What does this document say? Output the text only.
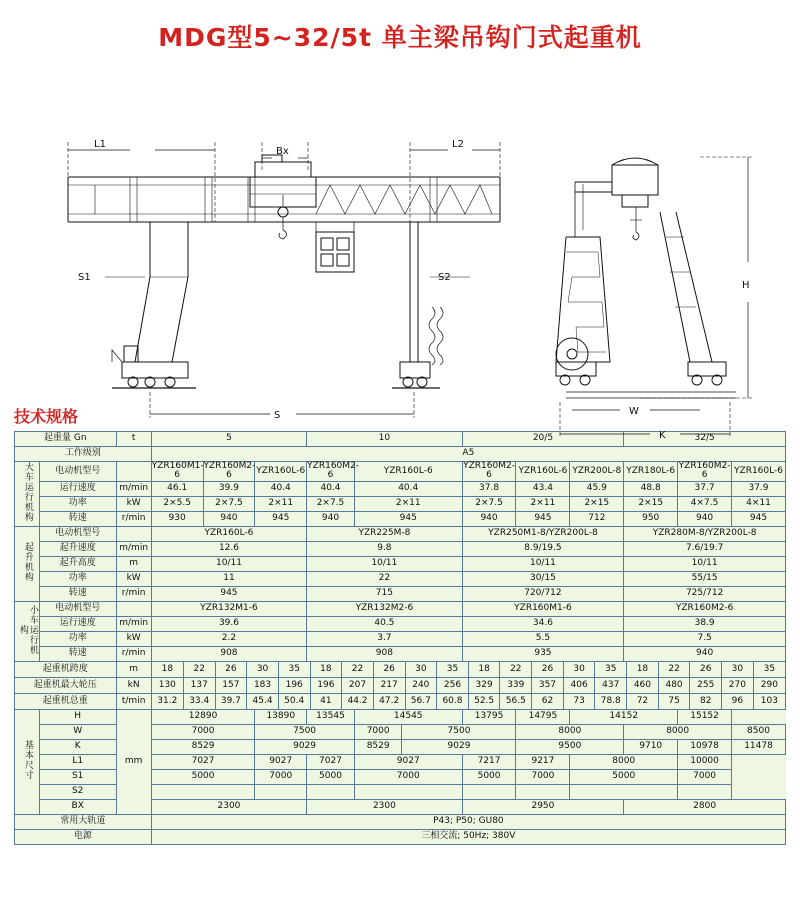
MDG型5~32/5t 单主梁吊钩门式起重机
L1
Bx
L2
S1	S2
S
H
W
K
技术规格
起重量 Gn	t	5	10	20/5	32/5
工作级别	A5
大车运行机构	电动机型号		YZR160M1-6	YZR160M2-6	YZR160L-6	YZR160M2-6	YZR160L-6	YZR160M2-6	YZR160L-6	YZR200L-8	YZR180L-6	YZR160M2-6	YZR160L-6
运行速度	m/min	46.1	39.9	40.4	40.4	40.4	37.8	43.4	45.9	48.8	37.7	37.9
功率	kW	2×5.5	2×7.5	2×11	2×7.5	2×11	2×7.5	2×11	2×15	2×15	4×7.5	4×11
转速	r/min	930	940	945	940	945	940	945	712	950	940	945
起升机构	电动机型号		YZR160L-6	YZR225M-8	YZR250M1-8/YZR200L-8	YZR280M-8/YZR200L-8
起升速度	m/min	12.6	9.8	8.9/19.5	7.6/19.7
起升高度	m	10/11	10/11	10/11	10/11
功率	kW	11	22	30/15	55/15
转速	r/min	945	715	720/712	725/712
小车运行机构	电动机型号		YZR132M1-6	YZR132M2-6	YZR160M1-6	YZR160M2-6
运行速度	m/min	39.6	40.5	34.6	38.9
功率	kW	2.2	3.7	5.5	7.5
转速	r/min	908	908	935	940
起重机跨度	m		18	22	26	30	35	18	22	26	30	35	18	22	26	30	35	18	22	26	30	35

起重机最大轮压	kN	130	137	157	183	196	196	207	217	240	256	329	339	357	406	437	460	480	255	270	290

起重机总重	t/min	31.2	33.4	39.7	45.4	50.4	41	44.2	47.2	56.7	60.8	52.5	56.5	62	73	78.8	72	75	82	96	103

基本尺寸	H	mm	12890	13890	13545	14545	13795	14795	14152	15152
W	7000	7500	7000	7500	8000	8000	8500
K	8529	9029	8529	9029	9500	9710	10978	11478
L1	7027	9027	7027	9027	7217	9217	8000	10000
S1	5000	7000	5000	7000	5000	7000	5000	7000
S2								
BX	2300	2300	2950	2800
常用大轨道	P43; P50; GU80
电源	三相交流; 50Hz; 380V
